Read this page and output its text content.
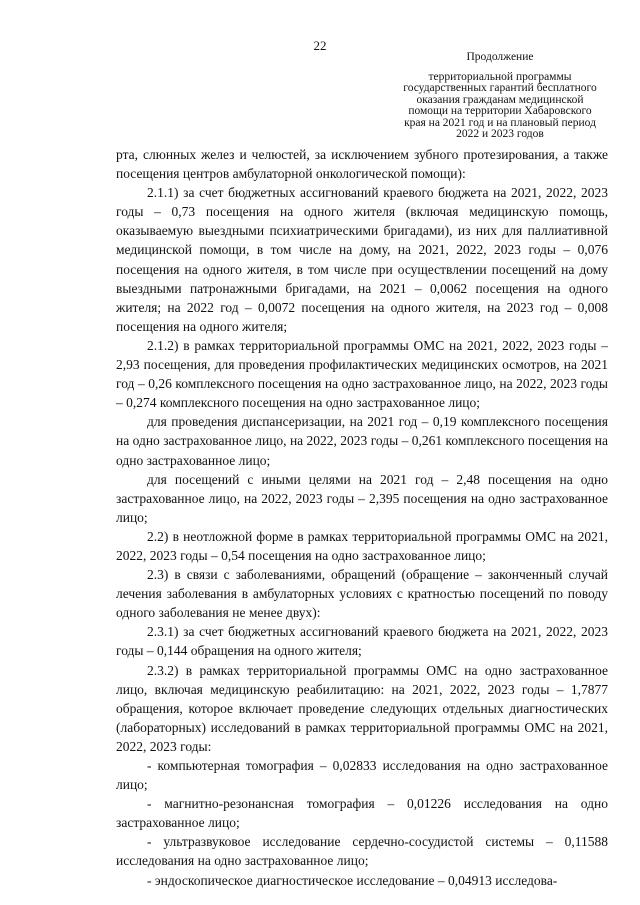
22
Продолжение
территориальной программы
государственных гарантий бесплатного
оказания гражданам медицинской
помощи на территории Хабаровского
края на 2021 год и на плановый период
2022 и 2023 годов

рта, слюнных желез и челюстей, за исключением зубного протезирования, а также посещения центров амбулаторной онкологической помощи):

2.1.1) за счет бюджетных ассигнований краевого бюджета на 2021, 2022, 2023 годы – 0,73 посещения на одного жителя (включая медицинскую помощь, оказываемую выездными психиатрическими бригадами), из них для паллиативной медицинской помощи, в том числе на дому, на 2021, 2022, 2023 годы – 0,076 посещения на одного жителя, в том числе при осуществлении посещений на дому выездными патронажными бригадами, на 2021 – 0,0062 посещения на одного жителя; на 2022 год – 0,0072 посещения на одного жителя, на 2023 год – 0,008 посещения на одного жителя;

2.1.2) в рамках территориальной программы ОМС на 2021, 2022, 2023 годы – 2,93 посещения, для проведения профилактических медицинских осмотров, на 2021 год – 0,26 комплексного посещения на одно застрахованное лицо, на 2022, 2023 годы – 0,274 комплексного посещения на одно застрахованное лицо;

для проведения диспансеризации, на 2021 год – 0,19 комплексного посещения на одно застрахованное лицо, на 2022, 2023 годы – 0,261 комплексного посещения на одно застрахованное лицо;

для посещений с иными целями на 2021 год – 2,48 посещения на одно застрахованное лицо, на 2022, 2023 годы – 2,395 посещения на одно застрахованное лицо;

2.2) в неотложной форме в рамках территориальной программы ОМС на 2021, 2022, 2023 годы – 0,54 посещения на одно застрахованное лицо;

2.3) в связи с заболеваниями, обращений (обращение – законченный случай лечения заболевания в амбулаторных условиях с кратностью посещений по поводу одного заболевания не менее двух):

2.3.1) за счет бюджетных ассигнований краевого бюджета на 2021, 2022, 2023 годы – 0,144 обращения на одного жителя;

2.3.2) в рамках территориальной программы ОМС на одно застрахованное лицо, включая медицинскую реабилитацию: на 2021, 2022, 2023 годы – 1,7877 обращения, которое включает проведение следующих отдельных диагностических (лабораторных) исследований в рамках территориальной программы ОМС на 2021, 2022, 2023 годы:

- компьютерная томография – 0,02833 исследования на одно застрахованное лицо;

- магнитно-резонансная томография – 0,01226 исследования на одно застрахованное лицо;

- ультразвуковое исследование сердечно-сосудистой системы – 0,11588 исследования на одно застрахованное лицо;

- эндоскопическое диагностическое исследование – 0,04913 исследова-
